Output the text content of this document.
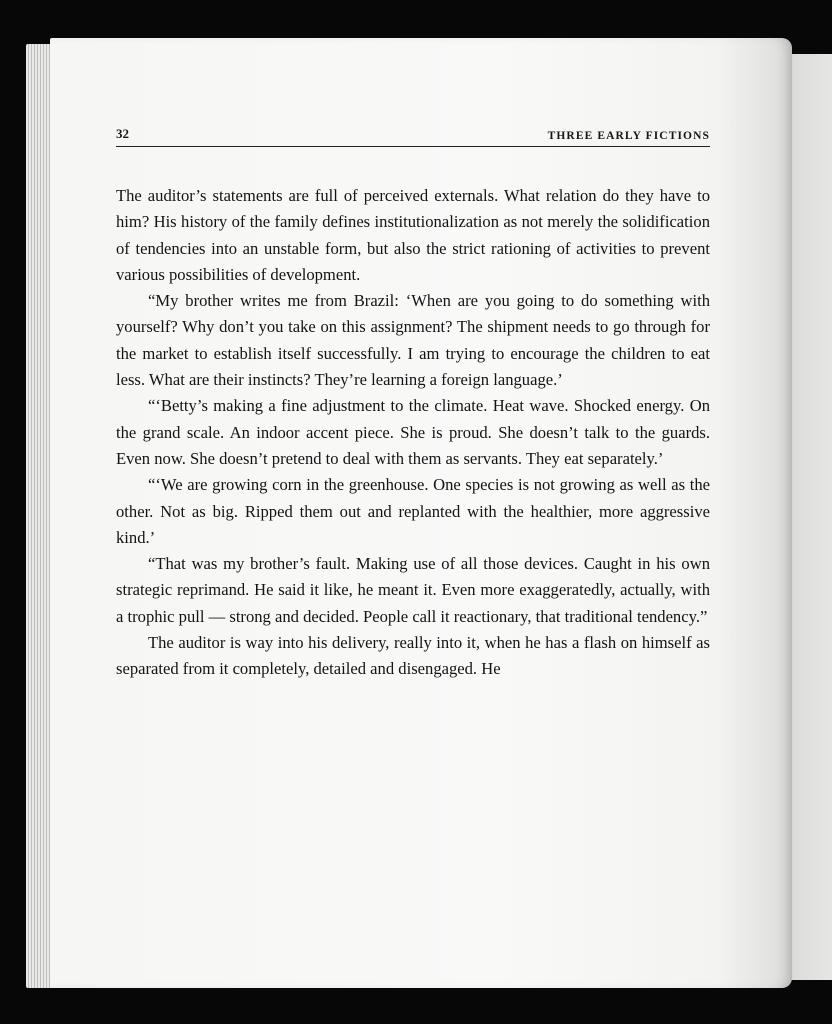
32	THREE EARLY FICTIONS

The auditor’s statements are full of perceived externals. What relation do they have to him? His history of the family defines institutionalization as not merely the solidification of tendencies into an unstable form, but also the strict rationing of activities to prevent various possibilities of development.

“My brother writes me from Brazil: ‘When are you going to do something with yourself? Why don’t you take on this assignment? The shipment needs to go through for the market to establish itself successfully. I am trying to encourage the children to eat less. What are their instincts? They’re learning a foreign language.’

“‘Betty’s making a fine adjustment to the climate. Heat wave. Shocked energy. On the grand scale. An indoor accent piece. She is proud. She doesn’t talk to the guards. Even now. She doesn’t pretend to deal with them as servants. They eat separately.’

“‘We are growing corn in the greenhouse. One species is not growing as well as the other. Not as big. Ripped them out and replanted with the healthier, more aggressive kind.’

“That was my brother’s fault. Making use of all those devices. Caught in his own strategic reprimand. He said it like, he meant it. Even more exaggeratedly, actually, with a trophic pull — strong and decided. People call it reactionary, that traditional tendency.”

The auditor is way into his delivery, really into it, when he has a flash on himself as separated from it completely, detailed and disengaged. He
